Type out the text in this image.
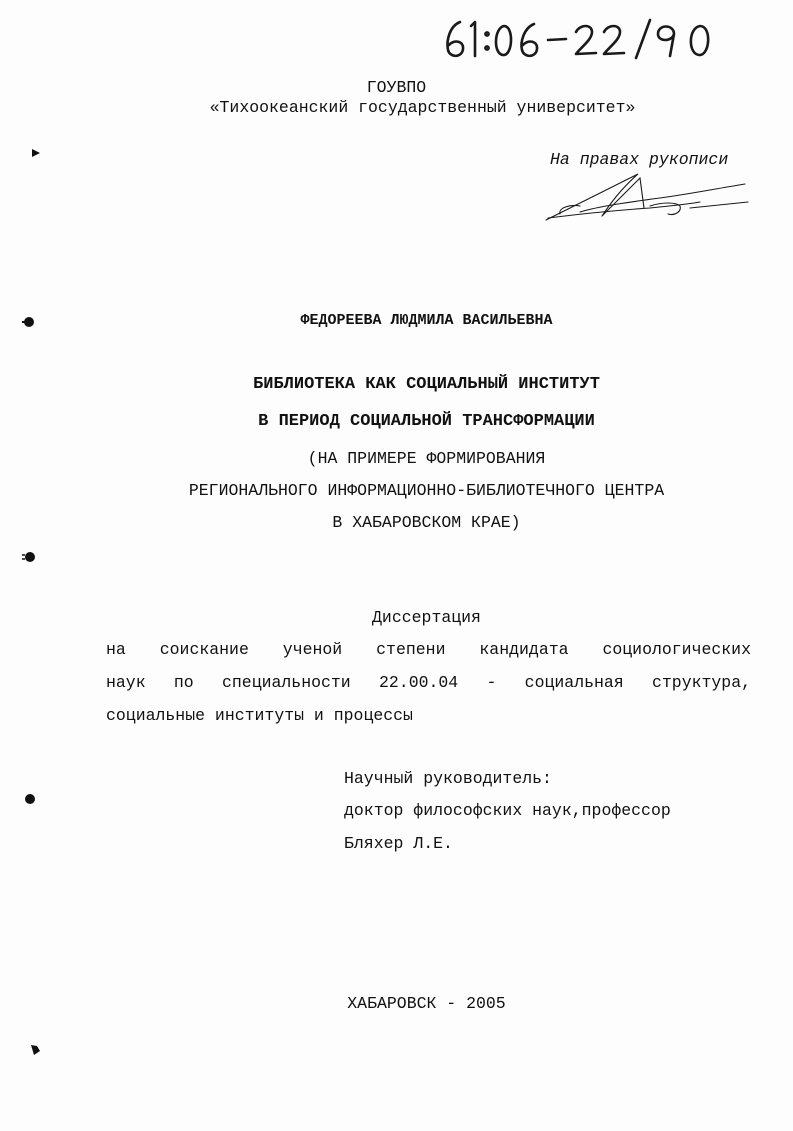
ГОУВПО
«Тихоокеанский государственный университет»
На правах рукописи
ФЕДОРЕЕВА ЛЮДМИЛА ВАСИЛЬЕВНА
БИБЛИОТЕКА КАК СОЦИАЛЬНЫЙ ИНСТИТУТ
В ПЕРИОД СОЦИАЛЬНОЙ ТРАНСФОРМАЦИИ
(НА ПРИМЕРЕ ФОРМИРОВАНИЯ
РЕГИОНАЛЬНОГО ИНФОРМАЦИОННО-БИБЛИОТЕЧНОГО ЦЕНТРА
В ХАБАРОВСКОМ КРАЕ)
Диссертация
на соискание ученой степени кандидата социологических
наук по специальности 22.00.04 - социальная структура,
социальные институты и процессы
Научный руководитель:
доктор философских наук,профессор
Бляхер Л.Е.
ХАБАРОВСК - 2005
